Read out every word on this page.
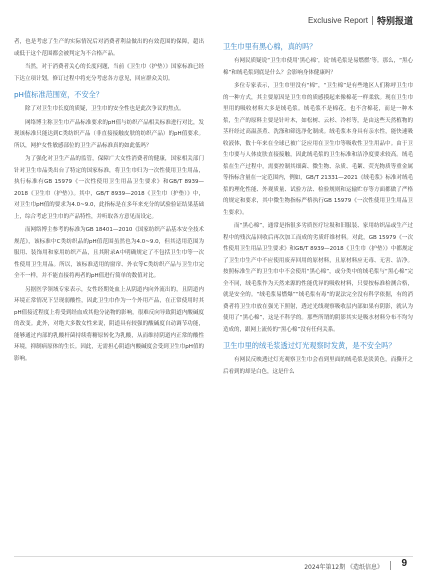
Exclusive Report 特别报道

者，也是考虑了生产的实际情况后对消费者利益做出的有效范围的保障，超出或低于这个范围都会被判定为不合格产品。

当然，对于消费者关心的长度问题，当前《卫生巾（护垫）》国家标准已经下达立项计划，修订过程中将充分考虑各方意见，回应群众关切。

pH值标准范围宽，不安全？

除了对卫生巾长度的质疑，卫生巾的安全性也是此次争议的焦点。

网络博主称卫生巾产品标准要求的pH值与纺织产品相关标准进行对比，发现该标准只能达到C类纺织产品（非直接接触皮肤的纺织产品）的pH值要求。所以，网护女性敏感部位的卫生产品标准真的如此低吗？

为了强化对卫生产品的监管，保障广大女性消费者的健康，国家相关部门针对卫生巾品类出台了特定的国家标准，将卫生巾归为一次性使用卫生用品，执行标准有GB 15979《一次性使用卫生用品卫生要求》和GB/T 8939—2018《卫生巾（护垫）》。其中，GB/T 8939—2018《卫生巾（护垫）》中，对卫生巾pH值的要求为4.0~9.0，此指标是在多年来充分的试验验证结果基础上，综合考虑卫生巾的产品特性，并听取各方意见而设定。

而网络博主参考的标准为GB 18401—2010《国家纺织产品基本安全技术规范》，该标准中C类纺织品的pH值范围虽然也为4.0~9.0，但其适用范围为服用、装饰用和家用纺织产品，且其附录A中明确规定了不包括卫生巾等一次性使用卫生用品。所以，该标准适用的窗帘、外衣等C类纺织产品与卫生巾完全不一样，并不能直接将两者的pH值进行简单的数值对比。

另据医学领域专家表示，女性经期处血上从阴道内向外流出的，且阴道内环境正常情况下呈现弱酸性，因此卫生巾作为一个外用产品，在正常使用时其pH值接近程度上将受到经血成其他分泌物的影响，很难反向导致阴道内酸碱度的改变。此外，对绝大多数女性来说，阴道具有较强的酸碱度自动调节功能，能够通过内部的乳酸杆菌持续将糖原转化为乳酸，从而维持阴道内正常的酸性环境，抑制病原体的生长。因此，无需担心阴道内酸碱度会受到卫生巾pH值的影响。

卫生巾里有黑心棉，真的吗？

有网民质疑说“卫生巾使用‘黑心棉’，说‘绒毛浆是易燃燃’等。那么，“黑心棉”和绒毛浆到底是什么？会影响身体健康吗？

多位专家表示，卫生巾里没有“棉”，“卫生棉”是有些地区人们称呼卫生巾的一种方式，其主要原因是卫生巾的质感摸起来像棉花一样柔软。现在卫生巾里用的吸收材料大多是绒毛浆。绒毛浆不是棉花，也不含棉花，而是一种木浆，生产的原料主要是针叶木，如松树、云杉、冷杉等，是由这些天然植物的茎秆经过高温蒸煮、洗涤和筛选净化制成。绒毛浆本身具有亲水性，能快速吸收液体，数十年来在全球已被广泛应用在卫生巾等吸收性卫生用品中。由于卫生巾要与人体皮肤直接接触，因此绒毛浆的卫生标准和洁净度要求较高。绒毛浆在生产过程中，需要控制其细菌、微生物、杂质、毛絮、荧光物质等重金属等指标含量在一定范围内，例如，GB/T 21331—2021《绒毛浆》标准对绒毛浆的理化性能、外观质量、试验方法、检验规则和运输贮存等方面都做了严格的规定和要求，其中微生物指标严格执行GB 15979《一次性使用卫生用品卫生要求》。

而“黑心棉”，通常是指很多劣质医疗垃圾和旧服装、家用纺织品或生产过程中的残次品回收后再次加工而成的劣质纤维材料。对此，GB 15979《一次性使用卫生用品卫生要求》和GB/T 8939—2018《卫生巾（护垫）》中都规定了卫生巾生产中不应使用废弃回用的原材料，且原材料应无毒、无害、洁净。按照标准生产的卫生巾中不会使用“黑心棉”，或分类中的绒毛浆与“黑心棉”完全不同，绒毛浆作为天然来源的性能优异的吸收材料，只要按标准检测合格，就是安全的。“绒毛浆易燃爆”“绒毛浆有毒”的说法完全没有科学依据，有的消费者将卫生巾放在强光下照射，透过光线观察吸收层内部如果有阴影，就认为使用了“黑心棉”，这是不科学的。那些所谓的阴影其实是吸水材料分布不均匀造成的，跟网上流传的“黑心棉”没有任何关系。

卫生巾里的绒毛浆透过灯光观察时发黄，是不安全吗？

有网民反映透过灯光观察卫生巾会看到里面的绒毛浆是淡黄色，而撕开之后看到的却是白色，这是什么

2024年第12期 《造纸信息》 9
